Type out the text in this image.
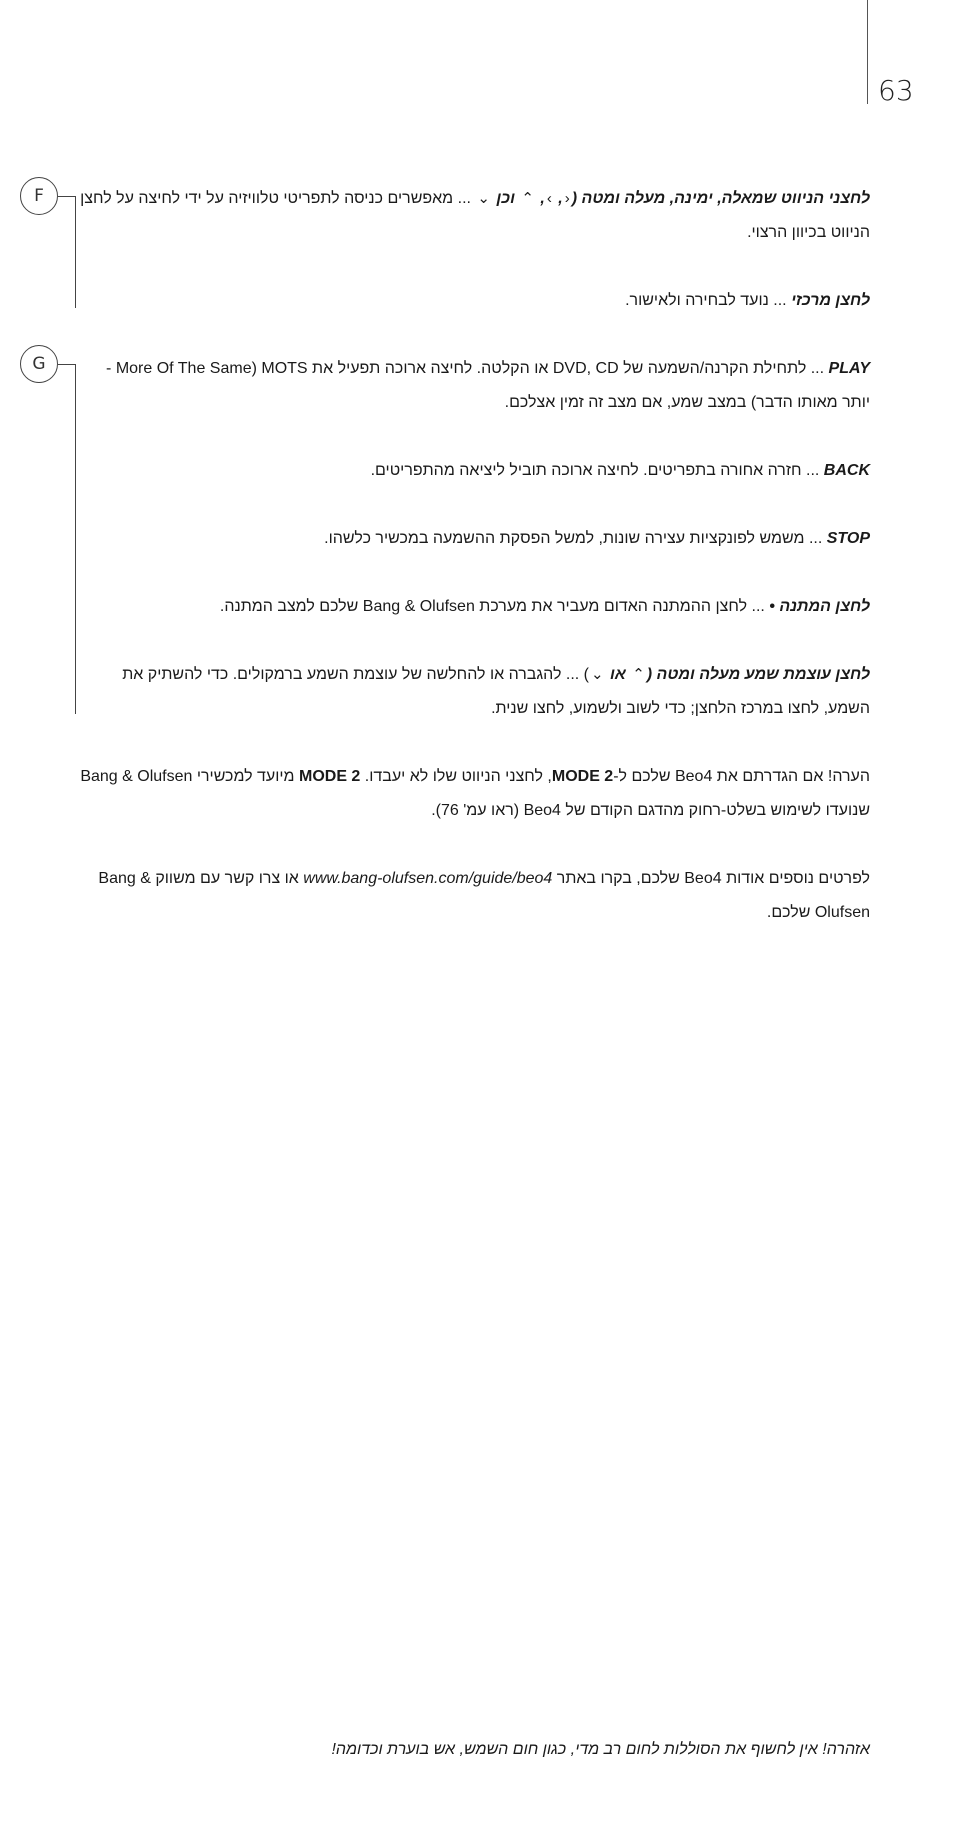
63
F
G

לחצני הניווט שמאלה, ימינה, מעלה ומטה (‹, ›, ⌃ וכן ⌄ ... מאפשרים כניסה לתפריטי טלוויזיה על ידי לחיצה על לחצן הניווט בכיוון הרצוי.

לחצן מרכזי ... נועד לבחירה ולאישור.

PLAY ... לתחילת הקרנה/השמעה של DVD, CD או הקלטה. לחיצה ארוכה תפעיל את MOTS (More Of The Same - יותר מאותו הדבר) במצב שמע, אם מצב זה זמין אצלכם.

BACK ... חזרה אחורה בתפריטים. לחיצה ארוכה תוביל ליציאה מהתפריטים.

STOP ... משמש לפונקציות עצירה שונות, למשל הפסקת ההשמעה במכשיר כלשהו.

לחצן המתנה • ... לחצן ההמתנה האדום מעביר את מערכת Bang & Olufsen שלכם למצב המתנה.

לחצן עוצמת שמע מעלה ומטה (⌃ או ⌄) ... להגברה או להחלשה של עוצמת השמע ברמקולים. כדי להשתיק את השמע, לחצו במרכז הלחצן; כדי לשוב ולשמוע, לחצו שנית.

הערה! אם הגדרתם את Beo4 שלכם ל-MODE 2, לחצני הניווט שלו לא יעבדו. MODE 2 מיועד למכשירי Bang & Olufsen שנועדו לשימוש בשלט-רחוק מהדגם הקודם של Beo4 (ראו עמ' 76).

לפרטים נוספים אודות Beo4 שלכם, בקרו באתר www.bang-olufsen.com/guide/beo4 או צרו קשר עם משווק Bang & Olufsen שלכם.

אזהרה! אין לחשוף את הסוללות לחום רב מדי, כגון חום השמש, אש בוערת וכדומה!
